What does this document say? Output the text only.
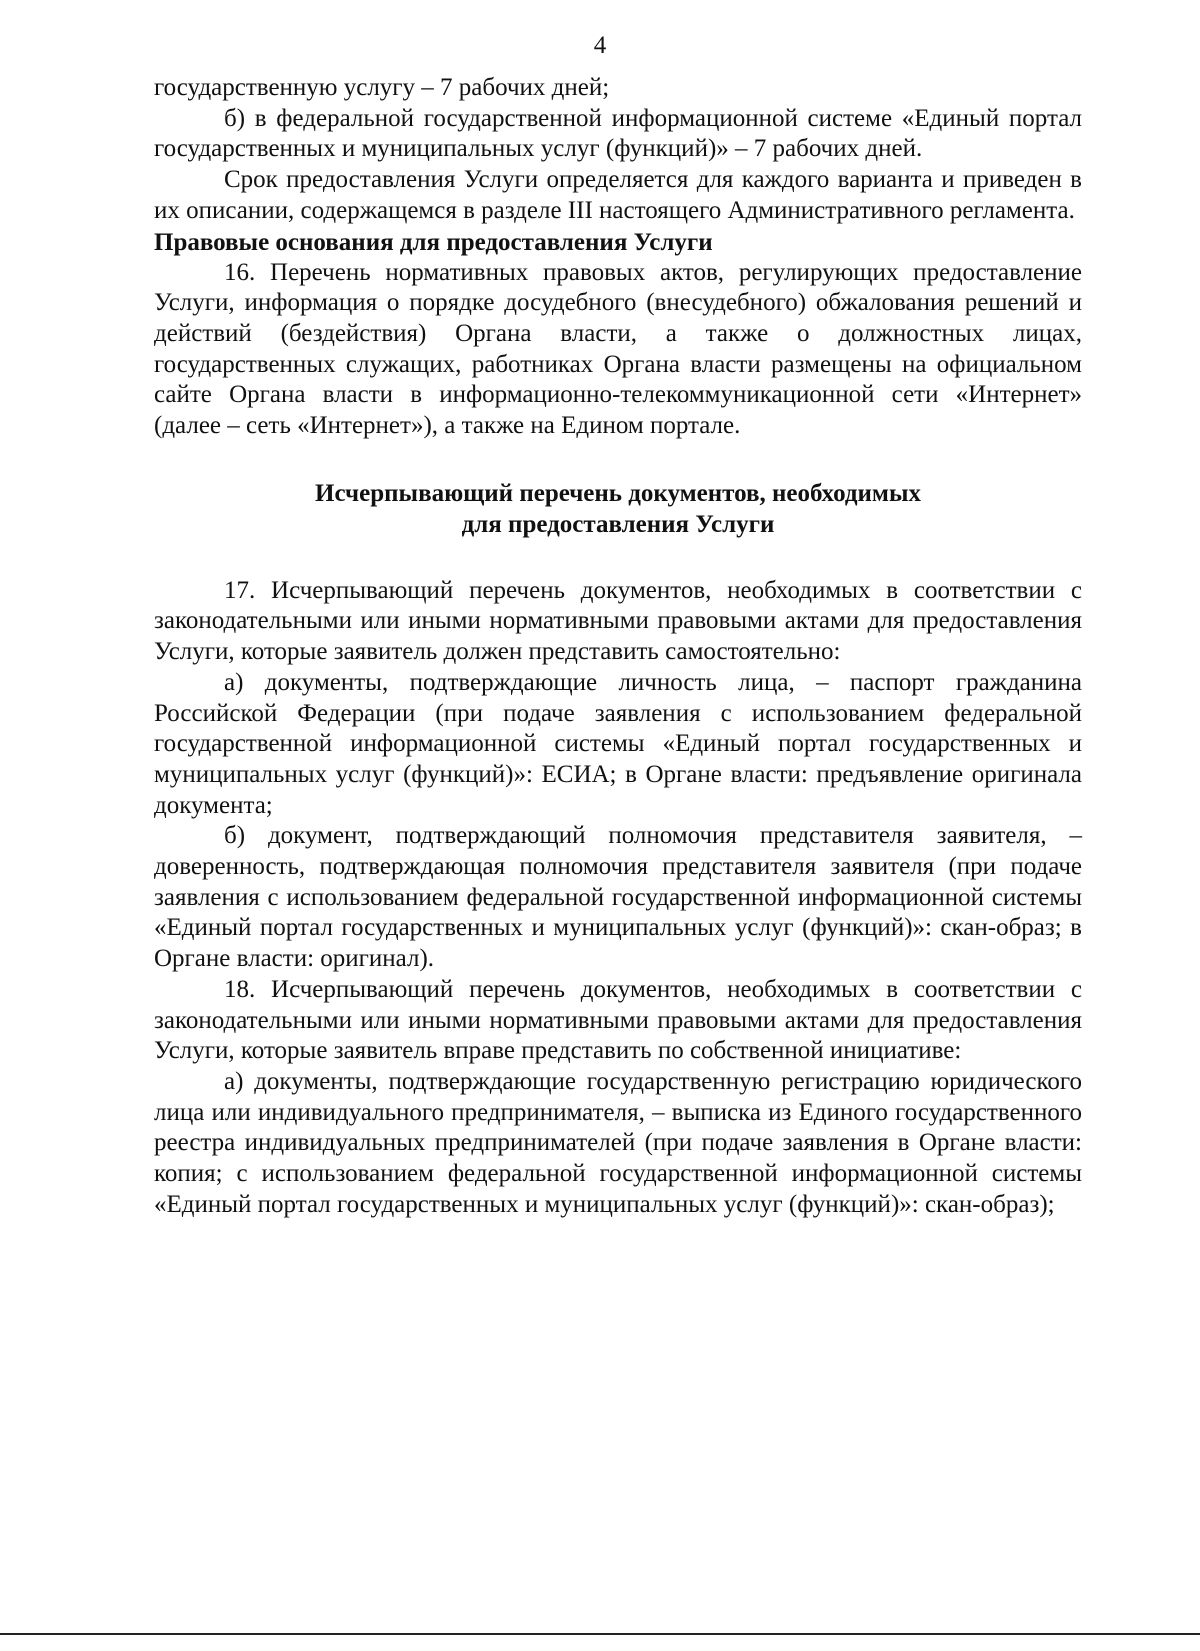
4

государственную услугу – 7 рабочих дней;

б) в федеральной государственной информационной системе «Единый портал государственных и муниципальных услуг (функций)» – 7 рабочих дней.

Срок предоставления Услуги определяется для каждого варианта и приведен в их описании, содержащемся в разделе III настоящего Административного регламента.

Правовые основания для предоставления Услуги

16. Перечень нормативных правовых актов, регулирующих предоставление Услуги, информация о порядке досудебного (внесудебного) обжалования решений и действий (бездействия) Органа власти, а также о должностных лицах, государственных служащих, работниках Органа власти размещены на официальном сайте Органа власти в информационно-телекоммуникационной сети «Интернет» (далее – сеть «Интернет»), а также на Едином портале.

Исчерпывающий перечень документов, необходимых
для предоставления Услуги

17. Исчерпывающий перечень документов, необходимых в соответствии с законодательными или иными нормативными правовыми актами для предоставления Услуги, которые заявитель должен представить самостоятельно:

а) документы, подтверждающие личность лица, – паспорт гражданина Российской Федерации (при подаче заявления с использованием федеральной государственной информационной системы «Единый портал государственных и муниципальных услуг (функций)»: ЕСИА; в Органе власти: предъявление оригинала документа;

б) документ, подтверждающий полномочия представителя заявителя, – доверенность, подтверждающая полномочия представителя заявителя (при подаче заявления с использованием федеральной государственной информационной системы «Единый портал государственных и муниципальных услуг (функций)»: скан-образ; в Органе власти: оригинал).

18. Исчерпывающий перечень документов, необходимых в соответствии с законодательными или иными нормативными правовыми актами для предоставления Услуги, которые заявитель вправе представить по собственной инициативе:

а) документы, подтверждающие государственную регистрацию юридического лица или индивидуального предпринимателя, – выписка из Единого государственного реестра индивидуальных предпринимателей (при подаче заявления в Органе власти: копия; с использованием федеральной государственной информационной системы «Единый портал государственных и муниципальных услуг (функций)»: скан-образ);
